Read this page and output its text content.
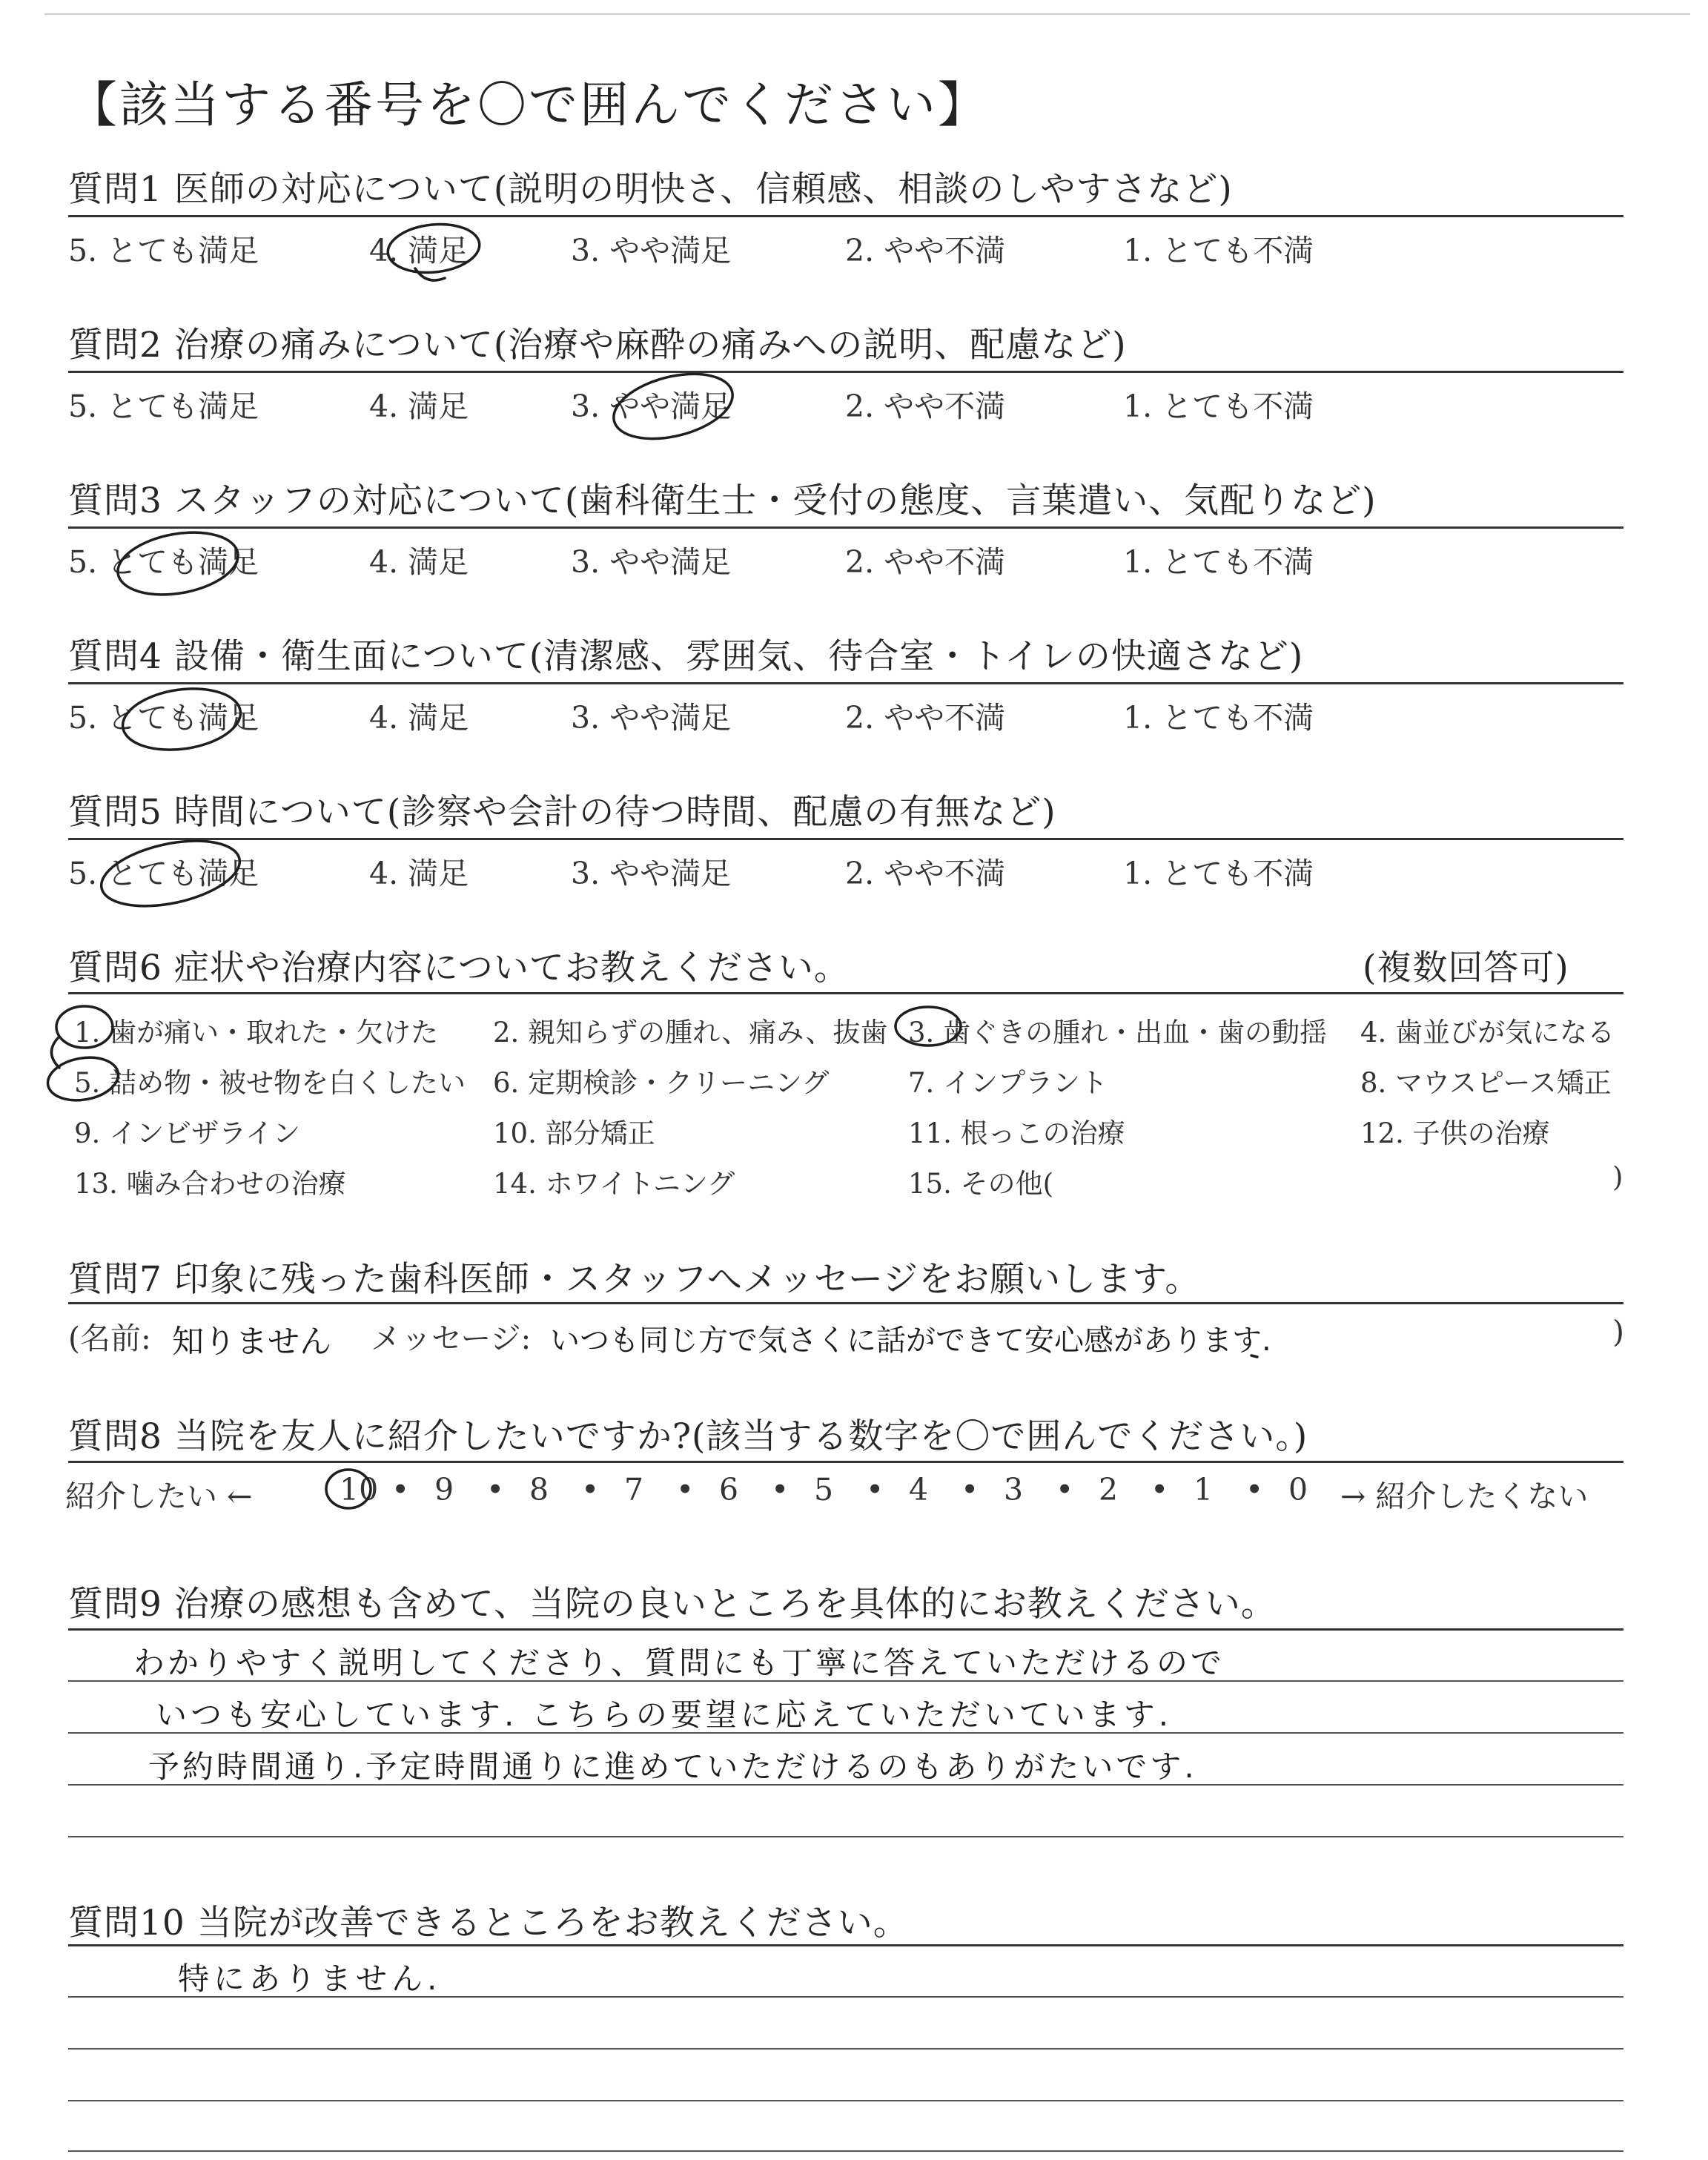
【該当する番号を〇で囲んでください】
質問1 医師の対応について(説明の明快さ、信頼感、相談のしやすさなど)
5. とても満足	4. 満足	3. やや満足	2. やや不満	1. とても不満
質問2 治療の痛みについて(治療や麻酔の痛みへの説明、配慮など)
5. とても満足	4. 満足	3. やや満足	2. やや不満	1. とても不満
質問3 スタッフの対応について(歯科衛生士・受付の態度、言葉遣い、気配りなど)
5. とても満足	4. 満足	3. やや満足	2. やや不満	1. とても不満
質問4 設備・衛生面について(清潔感、雰囲気、待合室・トイレの快適さなど)
5. とても満足	4. 満足	3. やや満足	2. やや不満	1. とても不満
質問5 時間について(診察や会計の待つ時間、配慮の有無など)
5. とても満足	4. 満足	3. やや満足	2. やや不満	1. とても不満
質問6 症状や治療内容についてお教えください。	(複数回答可)
1. 歯が痛い・取れた・欠けた 2. 親知らずの腫れ、痛み、抜歯 3. 歯ぐきの腫れ・出血・歯の動揺 4. 歯並びが気になる
5. 詰め物・被せ物を白くしたい 6. 定期検診・クリーニング	7. インプラント	8. マウスピース矯正
9. インビザライン	10. 部分矯正	11. 根っこの治療	12. 子供の治療
13. 噛み合わせの治療	14. ホワイトニング	15. その他(	)
質問7 印象に残った歯科医師・スタッフへメッセージをお願いします。
(名前: 知りません メッセージ: いつも同じ方で気さくに話ができて安心感があります.	)
質問8 当院を友人に紹介したいですか?(該当する数字を〇で囲んでください。)
紹介したい ←	→ 紹介したくない
10 • 9 • 8 • 7 • 6 • 5 • 4 • 3 • 2 • 1 • 0
質問9 治療の感想も含めて、当院の良いところを具体的にお教えください。
わかりやすく説明してくださり、質問にも丁寧に答えていただけるので
いつも安心しています. こちらの要望に応えていただいています.
予約時間通り.予定時間通りに進めていただけるのもありがたいです.
質問10 当院が改善できるところをお教えください。
特にありません.
